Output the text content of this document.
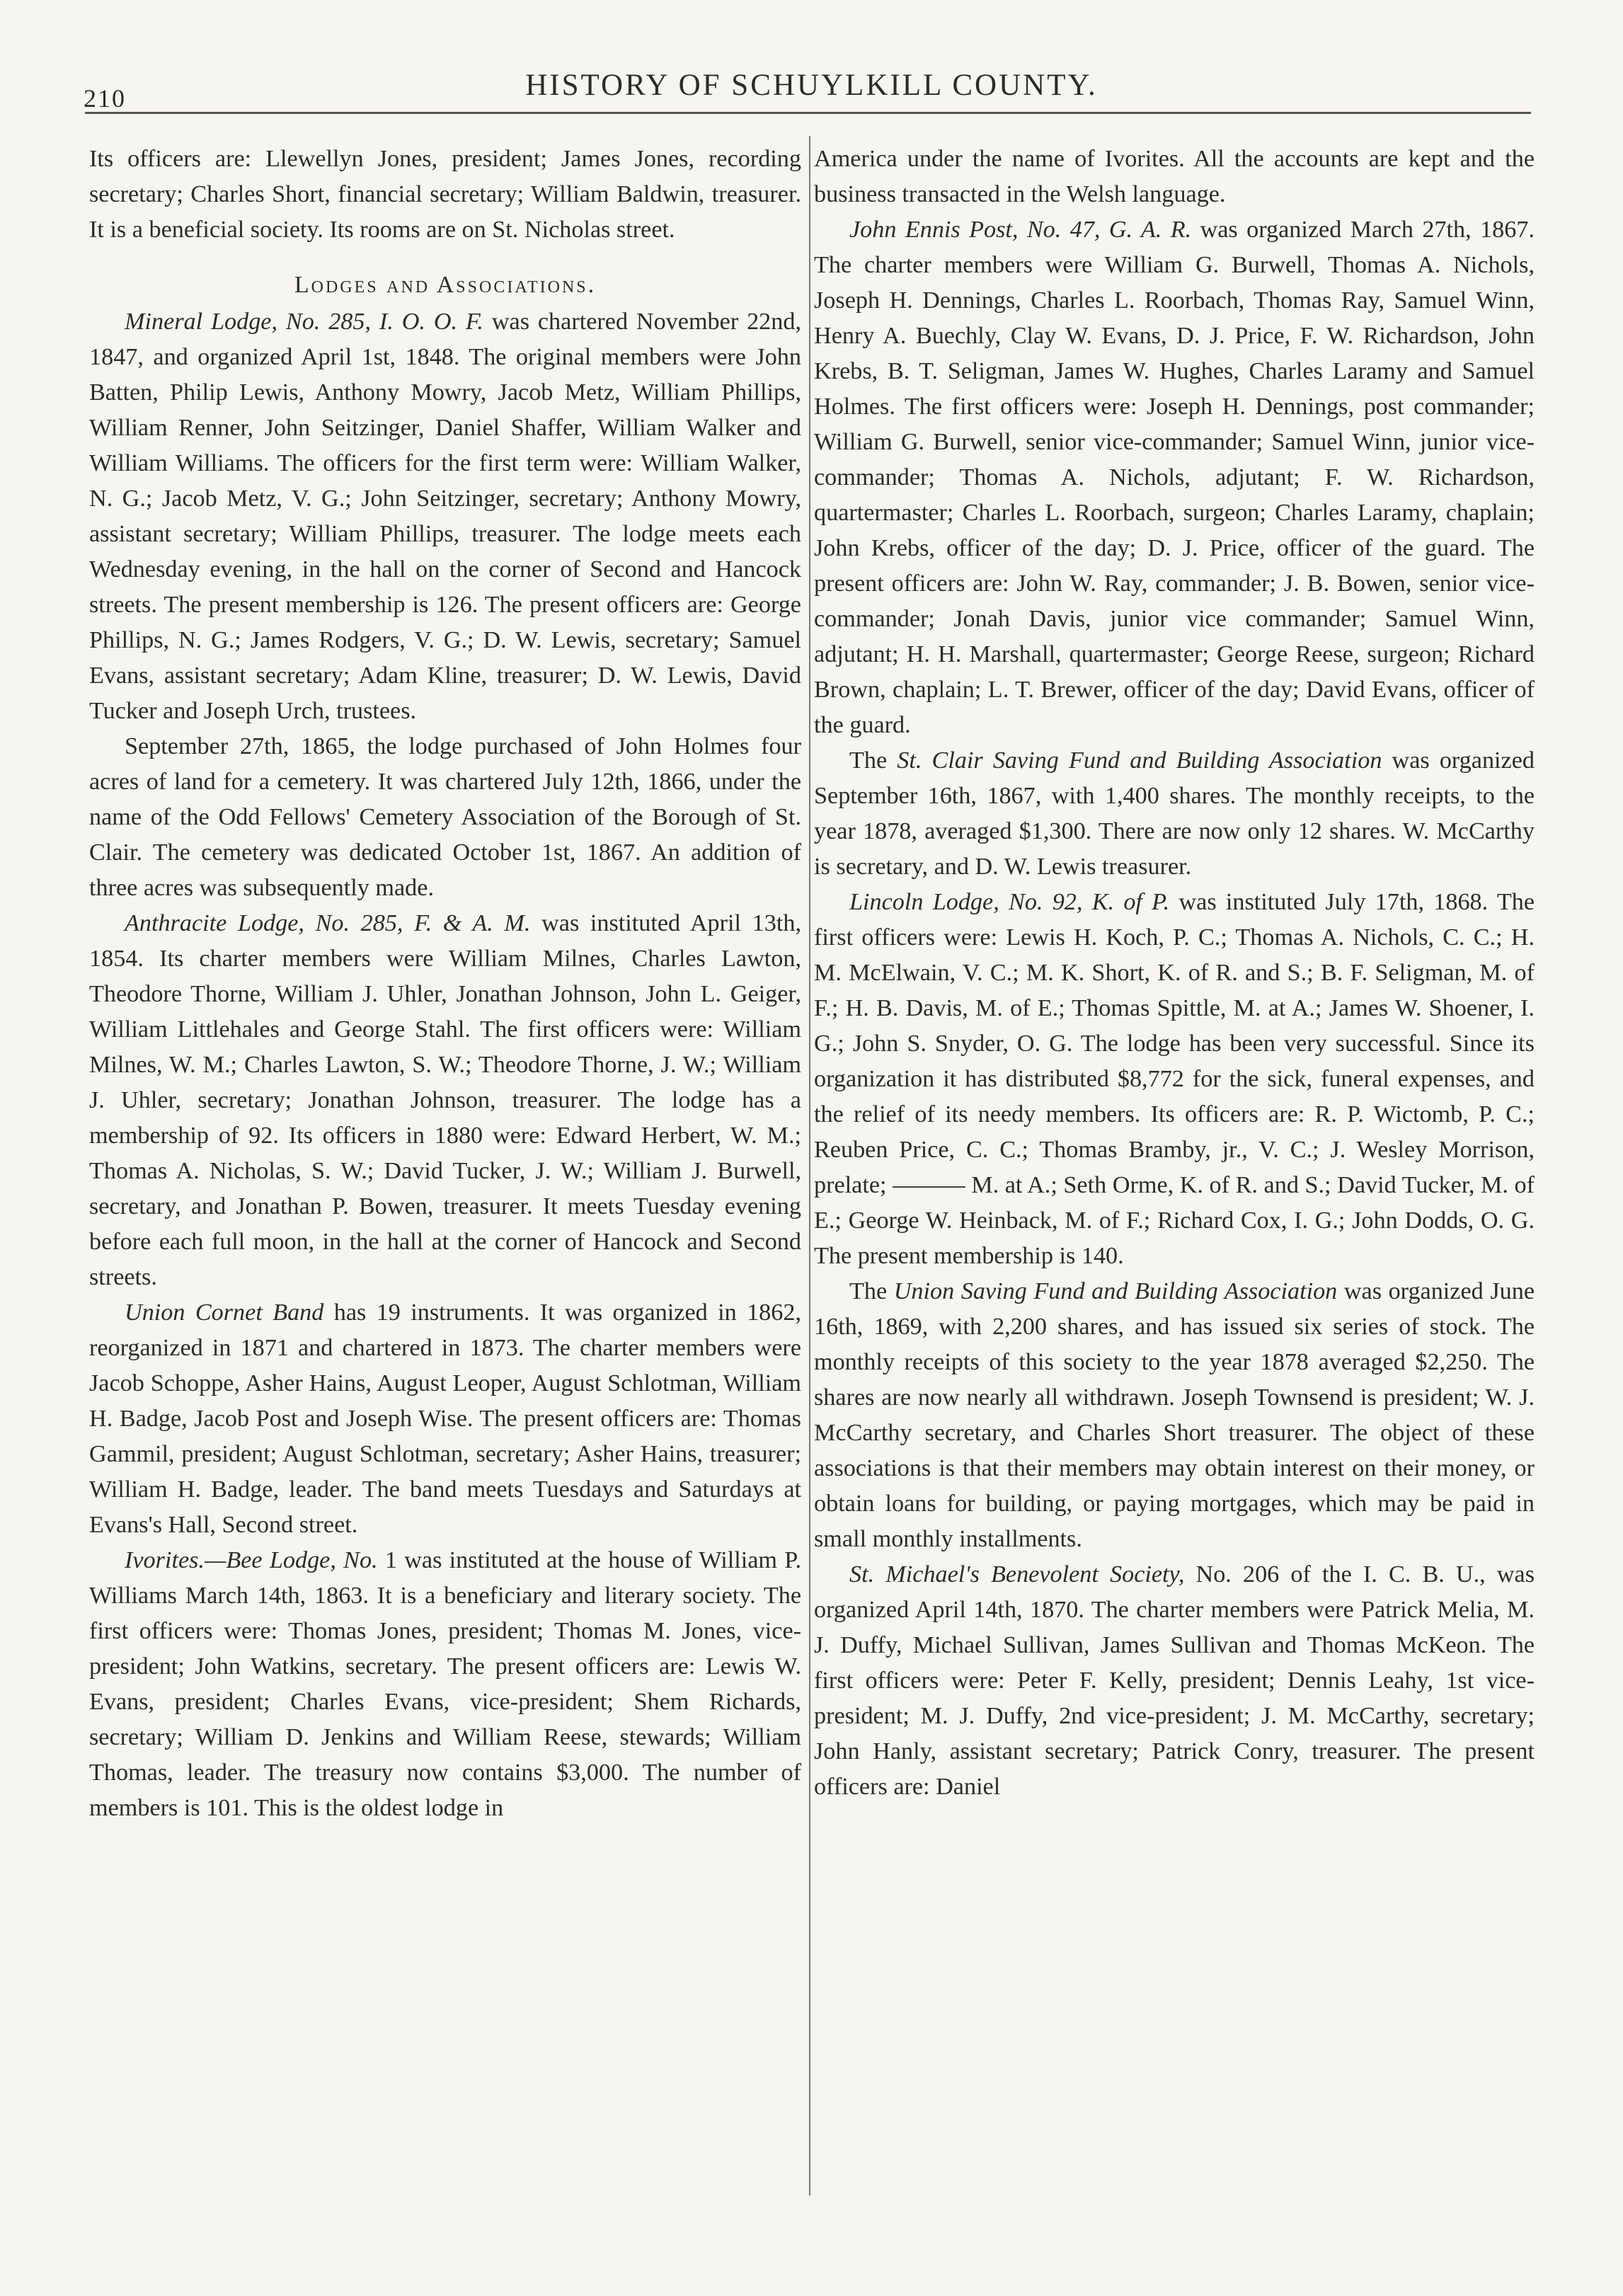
210	HISTORY OF SCHUYLKILL COUNTY.

Its officers are: Llewellyn Jones, president; James Jones, recording secretary; Charles Short, financial secretary; William Baldwin, treasurer. It is a beneficial society. Its rooms are on St. Nicholas street.

Lodges and Associations.

Mineral Lodge, No. 285, I. O. O. F. was chartered November 22nd, 1847, and organized April 1st, 1848. The original members were John Batten, Philip Lewis, Anthony Mowry, Jacob Metz, William Phillips, William Renner, John Seitzinger, Daniel Shaffer, William Walker and William Williams. The officers for the first term were: William Walker, N. G.; Jacob Metz, V. G.; John Seitzinger, secretary; Anthony Mowry, assistant secretary; William Phillips, treasurer. The lodge meets each Wednesday evening, in the hall on the corner of Second and Hancock streets. The present membership is 126. The present officers are: George Phillips, N. G.; James Rodgers, V. G.; D. W. Lewis, secretary; Samuel Evans, assistant secretary; Adam Kline, treasurer; D. W. Lewis, David Tucker and Joseph Urch, trustees.

September 27th, 1865, the lodge purchased of John Holmes four acres of land for a cemetery. It was chartered July 12th, 1866, under the name of the Odd Fellows' Cemetery Association of the Borough of St. Clair. The cemetery was dedicated October 1st, 1867. An addition of three acres was subsequently made.

Anthracite Lodge, No. 285, F. & A. M. was instituted April 13th, 1854. Its charter members were William Milnes, Charles Lawton, Theodore Thorne, William J. Uhler, Jonathan Johnson, John L. Geiger, William Littlehales and George Stahl. The first officers were: William Milnes, W. M.; Charles Lawton, S. W.; Theodore Thorne, J. W.; William J. Uhler, secretary; Jonathan Johnson, treasurer. The lodge has a membership of 92. Its officers in 1880 were: Edward Herbert, W. M.; Thomas A. Nicholas, S. W.; David Tucker, J. W.; William J. Burwell, secretary, and Jonathan P. Bowen, treasurer. It meets Tuesday evening before each full moon, in the hall at the corner of Hancock and Second streets.

Union Cornet Band has 19 instruments. It was organized in 1862, reorganized in 1871 and chartered in 1873. The charter members were Jacob Schoppe, Asher Hains, August Leoper, August Schlotman, William H. Badge, Jacob Post and Joseph Wise. The present officers are: Thomas Gammil, president; August Schlotman, secretary; Asher Hains, treasurer; William H. Badge, leader. The band meets Tuesdays and Saturdays at Evans's Hall, Second street.

Ivorites.—Bee Lodge, No. 1 was instituted at the house of William P. Williams March 14th, 1863. It is a beneficiary and literary society. The first officers were: Thomas Jones, president; Thomas M. Jones, vice-president; John Watkins, secretary. The present officers are: Lewis W. Evans, president; Charles Evans, vice-president; Shem Richards, secretary; William D. Jenkins and William Reese, stewards; William Thomas, leader. The treasury now contains $3,000. The number of members is 101. This is the oldest lodge in

America under the name of Ivorites. All the accounts are kept and the business transacted in the Welsh language.

John Ennis Post, No. 47, G. A. R. was organized March 27th, 1867. The charter members were William G. Burwell, Thomas A. Nichols, Joseph H. Dennings, Charles L. Roorbach, Thomas Ray, Samuel Winn, Henry A. Buechly, Clay W. Evans, D. J. Price, F. W. Richardson, John Krebs, B. T. Seligman, James W. Hughes, Charles Laramy and Samuel Holmes. The first officers were: Joseph H. Dennings, post commander; William G. Burwell, senior vice-commander; Samuel Winn, junior vice-commander; Thomas A. Nichols, adjutant; F. W. Richardson, quartermaster; Charles L. Roorbach, surgeon; Charles Laramy, chaplain; John Krebs, officer of the day; D. J. Price, officer of the guard. The present officers are: John W. Ray, commander; J. B. Bowen, senior vice-commander; Jonah Davis, junior vice commander; Samuel Winn, adjutant; H. H. Marshall, quartermaster; George Reese, surgeon; Richard Brown, chaplain; L. T. Brewer, officer of the day; David Evans, officer of the guard.

The St. Clair Saving Fund and Building Association was organized September 16th, 1867, with 1,400 shares. The monthly receipts, to the year 1878, averaged $1,300. There are now only 12 shares. W. McCarthy is secretary, and D. W. Lewis treasurer.

Lincoln Lodge, No. 92, K. of P. was instituted July 17th, 1868. The first officers were: Lewis H. Koch, P. C.; Thomas A. Nichols, C. C.; H. M. McElwain, V. C.; M. K. Short, K. of R. and S.; B. F. Seligman, M. of F.; H. B. Davis, M. of E.; Thomas Spittle, M. at A.; James W. Shoener, I. G.; John S. Snyder, O. G. The lodge has been very successful. Since its organization it has distributed $8,772 for the sick, funeral expenses, and the relief of its needy members. Its officers are: R. P. Wictomb, P. C.; Reuben Price, C. C.; Thomas Bramby, jr., V. C.; J. Wesley Morrison, prelate; ——— M. at A.; Seth Orme, K. of R. and S.; David Tucker, M. of E.; George W. Heinback, M. of F.; Richard Cox, I. G.; John Dodds, O. G. The present membership is 140.

The Union Saving Fund and Building Association was organized June 16th, 1869, with 2,200 shares, and has issued six series of stock. The monthly receipts of this society to the year 1878 averaged $2,250. The shares are now nearly all withdrawn. Joseph Townsend is president; W. J. McCarthy secretary, and Charles Short treasurer. The object of these associations is that their members may obtain interest on their money, or obtain loans for building, or paying mortgages, which may be paid in small monthly installments.

St. Michael's Benevolent Society, No. 206 of the I. C. B. U., was organized April 14th, 1870. The charter members were Patrick Melia, M. J. Duffy, Michael Sullivan, James Sullivan and Thomas McKeon. The first officers were: Peter F. Kelly, president; Dennis Leahy, 1st vice-president; M. J. Duffy, 2nd vice-president; J. M. McCarthy, secretary; John Hanly, assistant secretary; Patrick Conry, treasurer. The present officers are: Daniel
